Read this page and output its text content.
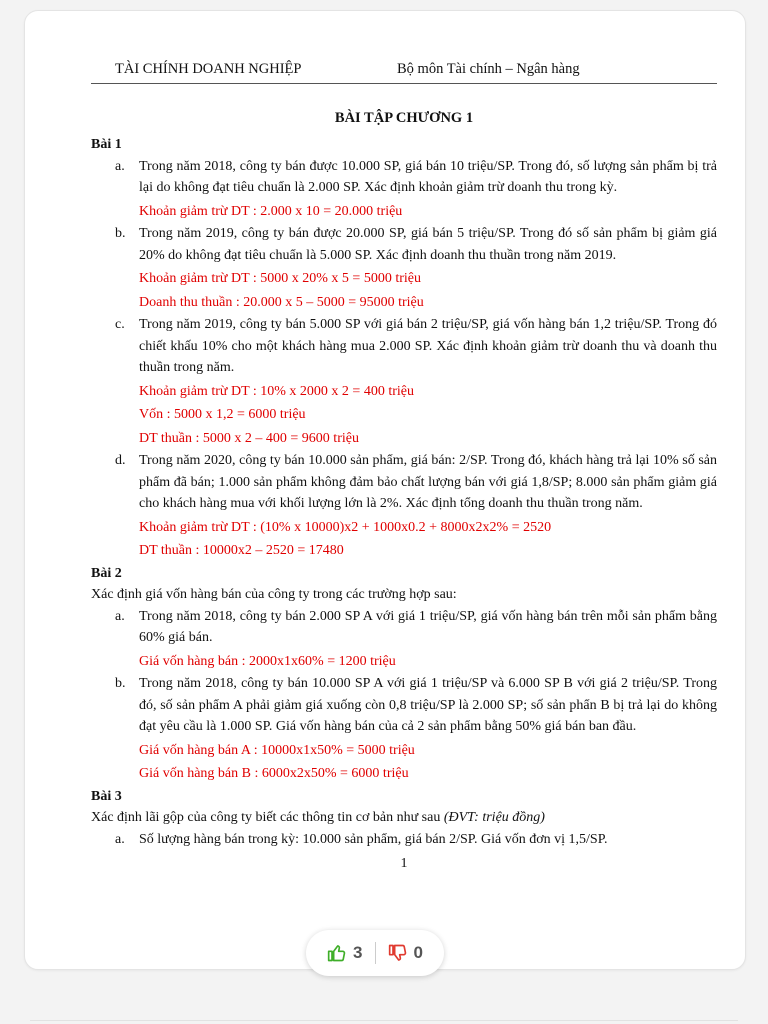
TÀI CHÍNH DOANH NGHIỆP	Bộ môn Tài chính – Ngân hàng
BÀI TẬP CHƯƠNG 1
Bài 1
a. Trong năm 2018, công ty bán được 10.000 SP, giá bán 10 triệu/SP. Trong đó, số lượng sản phẩm bị trả lại do không đạt tiêu chuẩn là 2.000 SP. Xác định khoản giảm trừ doanh thu trong kỳ.
Khoản giảm trừ DT : 2.000 x 10 = 20.000 triệu
b. Trong năm 2019, công ty bán được 20.000 SP, giá bán 5 triệu/SP. Trong đó số sản phẩm bị giảm giá 20% do không đạt tiêu chuẩn là 5.000 SP. Xác định doanh thu thuần trong năm 2019.
Khoản giảm trừ DT : 5000 x 20% x 5 = 5000 triệu
Doanh thu thuần : 20.000 x 5 – 5000 = 95000 triệu
c. Trong năm 2019, công ty bán 5.000 SP với giá bán 2 triệu/SP, giá vốn hàng bán 1,2 triệu/SP. Trong đó chiết khấu 10% cho một khách hàng mua 2.000 SP. Xác định khoản giảm trừ doanh thu và doanh thu thuần trong năm.
Khoản giảm trừ DT : 10% x 2000 x 2 = 400 triệu
Vốn : 5000 x 1,2 = 6000 triệu
DT thuần : 5000 x 2 – 400 = 9600 triệu
d. Trong năm 2020, công ty bán 10.000 sản phẩm, giá bán: 2/SP. Trong đó, khách hàng trả lại 10% số sản phẩm đã bán; 1.000 sản phẩm không đảm bảo chất lượng bán với giá 1,8/SP; 8.000 sản phẩm giảm giá cho khách hàng mua với khối lượng lớn là 2%. Xác định tổng doanh thu thuần trong năm.
Khoản giảm trừ DT : (10% x 10000)x2 + 1000x0.2 + 8000x2x2% = 2520
DT thuần : 10000x2 – 2520 = 17480
Bài 2
Xác định giá vốn hàng bán của công ty trong các trường hợp sau:
a. Trong năm 2018, công ty bán 2.000 SP A với giá 1 triệu/SP, giá vốn hàng bán trên mỗi sản phẩm bằng 60% giá bán.
Giá vốn hàng bán : 2000x1x60% = 1200 triệu
b. Trong năm 2018, công ty bán 10.000 SP A với giá 1 triệu/SP và 6.000 SP B với giá 2 triệu/SP. Trong đó, số sản phẩm A phải giảm giá xuống còn 0,8 triệu/SP là 2.000 SP; số sản phẩn B bị trả lại do không đạt yêu cầu là 1.000 SP. Giá vốn hàng bán của cả 2 sản phẩm bằng 50% giá bán ban đầu.
Giá vốn hàng bán A : 10000x1x50% = 5000 triệu
Giá vốn hàng bán B : 6000x2x50% = 6000 triệu
Bài 3
Xác định lãi gộp của công ty biết các thông tin cơ bản như sau (ĐVT: triệu đồng)
a. Số lượng hàng bán trong kỳ: 10.000 sản phẩm, giá bán 2/SP. Giá vốn đơn vị 1,5/SP.
1
3	0
